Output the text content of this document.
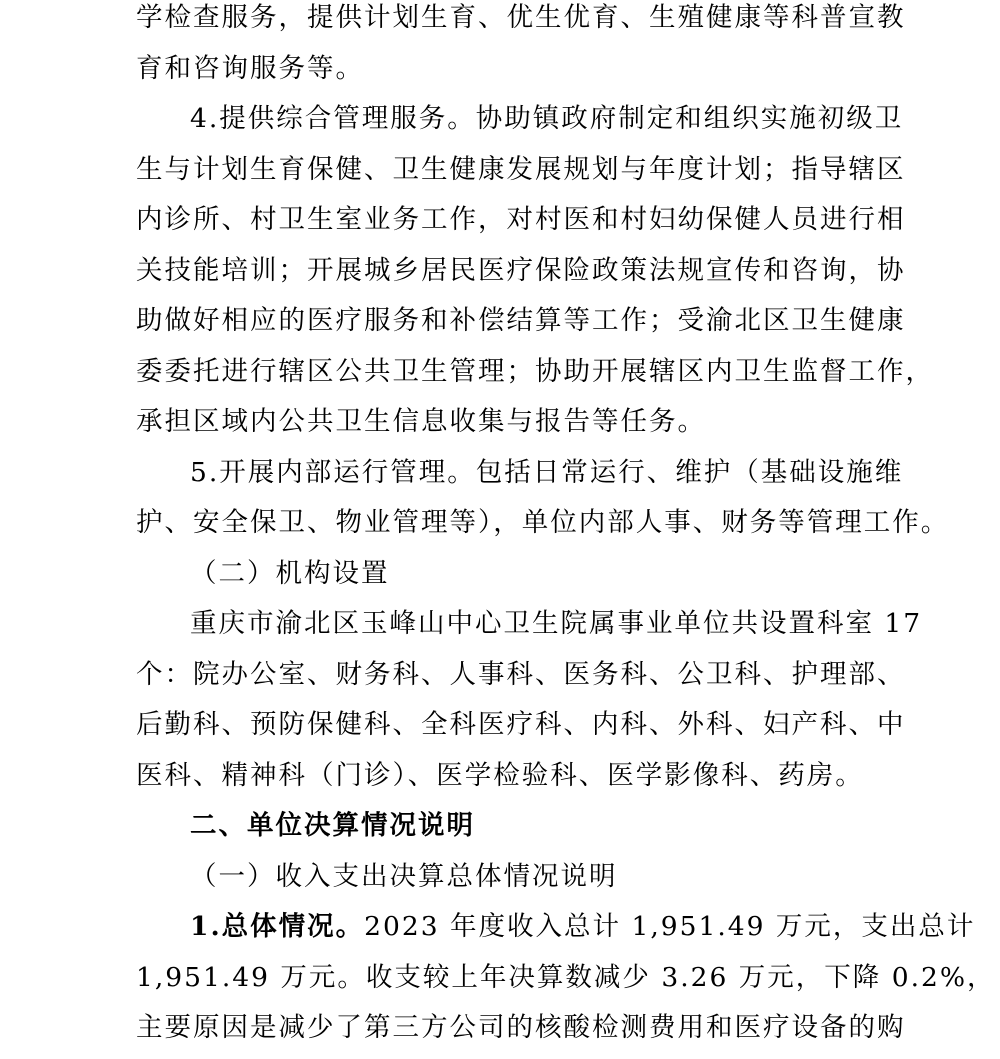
学检查服务，提供计划生育、优生优育、生殖健康等科普宣教
育和咨询服务等。
4.提供综合管理服务。协助镇政府制定和组织实施初级卫
生与计划生育保健、卫生健康发展规划与年度计划；指导辖区
内诊所、村卫生室业务工作，对村医和村妇幼保健人员进行相
关技能培训；开展城乡居民医疗保险政策法规宣传和咨询，协
助做好相应的医疗服务和补偿结算等工作；受渝北区卫生健康
委委托进行辖区公共卫生管理；协助开展辖区内卫生监督工作，
承担区域内公共卫生信息收集与报告等任务。
5.开展内部运行管理。包括日常运行、维护（基础设施维
护、安全保卫、物业管理等），单位内部人事、财务等管理工作。
（二）机构设置
重庆市渝北区玉峰山中心卫生院属事业单位共设置科室 17
个：院办公室、财务科、人事科、医务科、公卫科、护理部、
后勤科、预防保健科、全科医疗科、内科、外科、妇产科、中
医科、精神科（门诊）、医学检验科、医学影像科、药房。
二、单位决算情况说明
（一）收入支出决算总体情况说明
1.总体情况。2023 年度收入总计 1,951.49 万元，支出总计
1,951.49 万元。收支较上年决算数减少 3.26 万元，下降 0.2%，
主要原因是减少了第三方公司的核酸检测费用和医疗设备的购
